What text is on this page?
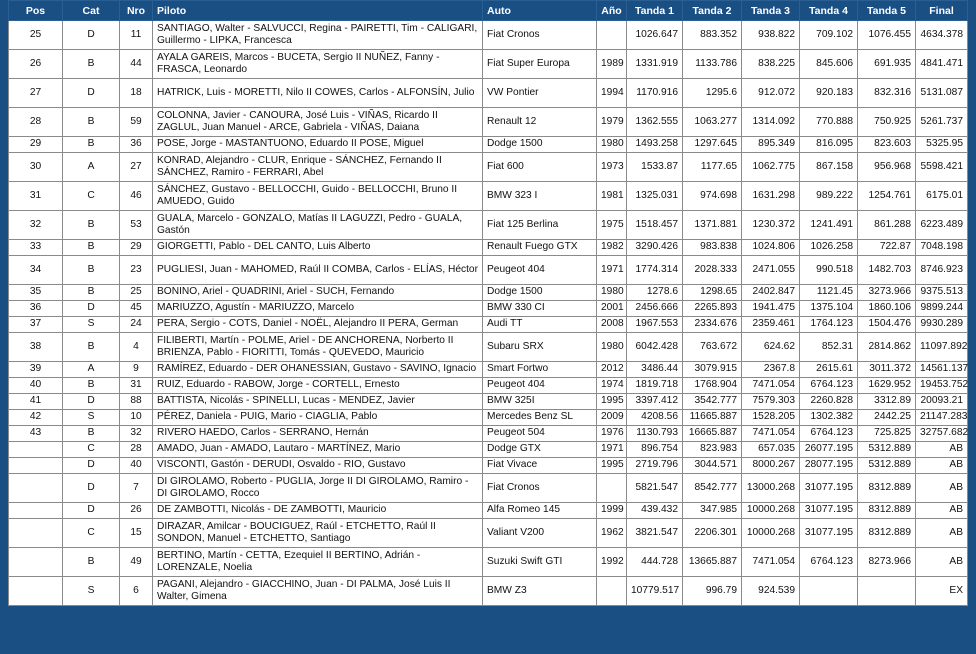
Pos	Cat	Nro	Piloto	Auto	Año	Tanda 1	Tanda 2	Tanda 3	Tanda 4	Tanda 5	Final
25	D	11	SANTIAGO, Walter - SALVUCCI, Regina - PAIRETTI, Tim - CALIGARI, Guillermo - LIPKA, Francesca	Fiat Cronos		1026.647	883.352	938.822	709.102	1076.455	4634.378
26	B	44	AYALA GAREIS, Marcos - BUCETA, Sergio II NUÑEZ, Fanny - FRASCA, Leonardo	Fiat Super Europa	1989	1331.919	1133.786	838.225	845.606	691.935	4841.471
27	D	18	HATRICK, Luis - MORETTI, Nilo II COWES, Carlos - ALFONSÍN, Julio	VW Pontier	1994	1170.916	1295.6	912.072	920.183	832.316	5131.087
28	B	59	COLONNA, Javier - CANOURA, José Luis - VIÑAS, Ricardo II ZAGLUL, Juan Manuel - ARCE, Gabriela - VIÑAS, Daiana	Renault 12	1979	1362.555	1063.277	1314.092	770.888	750.925	5261.737
29	B	36	POSE, Jorge - MASTANTUONO, Eduardo II POSE, Miguel	Dodge 1500	1980	1493.258	1297.645	895.349	816.095	823.603	5325.95
30	A	27	KONRAD, Alejandro - CLUR, Enrique - SÁNCHEZ, Fernando II SÁNCHEZ, Ramiro - FERRARI, Abel	Fiat 600	1973	1533.87	1177.65	1062.775	867.158	956.968	5598.421
31	C	46	SÁNCHEZ, Gustavo - BELLOCCHI, Guido - BELLOCCHI, Bruno II AMUEDO, Guido	BMW 323 I	1981	1325.031	974.698	1631.298	989.222	1254.761	6175.01
32	B	53	GUALA, Marcelo - GONZALO, Matías II LAGUZZI, Pedro - GUALA, Gastón	Fiat 125 Berlina	1975	1518.457	1371.881	1230.372	1241.491	861.288	6223.489
33	B	29	GIORGETTI, Pablo - DEL CANTO, Luis Alberto	Renault Fuego GTX	1982	3290.426	983.838	1024.806	1026.258	722.87	7048.198
34	B	23	PUGLIESI, Juan - MAHOMED, Raúl II COMBA, Carlos - ELÍAS, Héctor	Peugeot 404	1971	1774.314	2028.333	2471.055	990.518	1482.703	8746.923
35	B	25	BONINO, Ariel - QUADRINI, Ariel - SUCH, Fernando	Dodge 1500	1980	1278.6	1298.65	2402.847	1121.45	3273.966	9375.513
36	D	45	MARIUZZO, Agustín - MARIUZZO, Marcelo	BMW 330 CI	2001	2456.666	2265.893	1941.475	1375.104	1860.106	9899.244
37	S	24	PERA, Sergio - COTS, Daniel - NOËL, Alejandro II PERA, German	Audi TT	2008	1967.553	2334.676	2359.461	1764.123	1504.476	9930.289
38	B	4	FILIBERTI, Martín - POLME, Ariel - DE ANCHORENA, Norberto II BRIENZA, Pablo - FIORITTI, Tomás - QUEVEDO, Mauricio	Subaru SRX	1980	6042.428	763.672	624.62	852.31	2814.862	11097.892
39	A	9	RAMÍREZ, Eduardo - DER OHANESSIAN, Gustavo - SAVINO, Ignacio	Smart Fortwo	2012	3486.44	3079.915	2367.8	2615.61	3011.372	14561.137
40	B	31	RUIZ, Eduardo - RABOW, Jorge - CORTELL, Ernesto	Peugeot 404	1974	1819.718	1768.904	7471.054	6764.123	1629.952	19453.752
41	D	88	BATTISTA, Nicolás - SPINELLI, Lucas - MENDEZ, Javier	BMW 325I	1995	3397.412	3542.777	7579.303	2260.828	3312.89	20093.21
42	S	10	PÉREZ, Daniela - PUIG, Mario - CIAGLIA, Pablo	Mercedes Benz SL	2009	4208.56	11665.887	1528.205	1302.382	2442.25	21147.283
43	B	32	RIVERO HAEDO, Carlos - SERRANO, Hernán	Peugeot 504	1976	1130.793	16665.887	7471.054	6764.123	725.825	32757.682
	C	28	AMADO, Juan - AMADO, Lautaro - MARTÍNEZ, Mario	Dodge GTX	1971	896.754	823.983	657.035	26077.195	5312.889	AB
	D	40	VISCONTI, Gastón - DERUDI, Osvaldo - RIO, Gustavo	Fiat Vivace	1995	2719.796	3044.571	8000.267	28077.195	5312.889	AB
	D	7	DI GIROLAMO, Roberto - PUGLIA, Jorge II DI GIROLAMO, Ramiro - DI GIROLAMO, Rocco	Fiat Cronos		5821.547	8542.777	13000.268	31077.195	8312.889	AB
	D	26	DE ZAMBOTTI, Nicolás - DE ZAMBOTTI, Mauricio	Alfa Romeo 145	1999	439.432	347.985	10000.268	31077.195	8312.889	AB
	C	15	DIRAZAR, Amilcar - BOUCIGUEZ, Raúl - ETCHETTO, Raúl II SONDON, Manuel - ETCHETTO, Santiago	Valiant V200	1962	3821.547	2206.301	10000.268	31077.195	8312.889	AB
	B	49	BERTINO, Martín - CETTA, Ezequiel II BERTINO, Adrián - LORENZALE, Noelia	Suzuki Swift GTI	1992	444.728	13665.887	7471.054	6764.123	8273.966	AB
	S	6	PAGANI, Alejandro - GIACCHINO, Juan - DI PALMA, José Luis II Walter, Gimena	BMW Z3		10779.517	996.79	924.539			EX
